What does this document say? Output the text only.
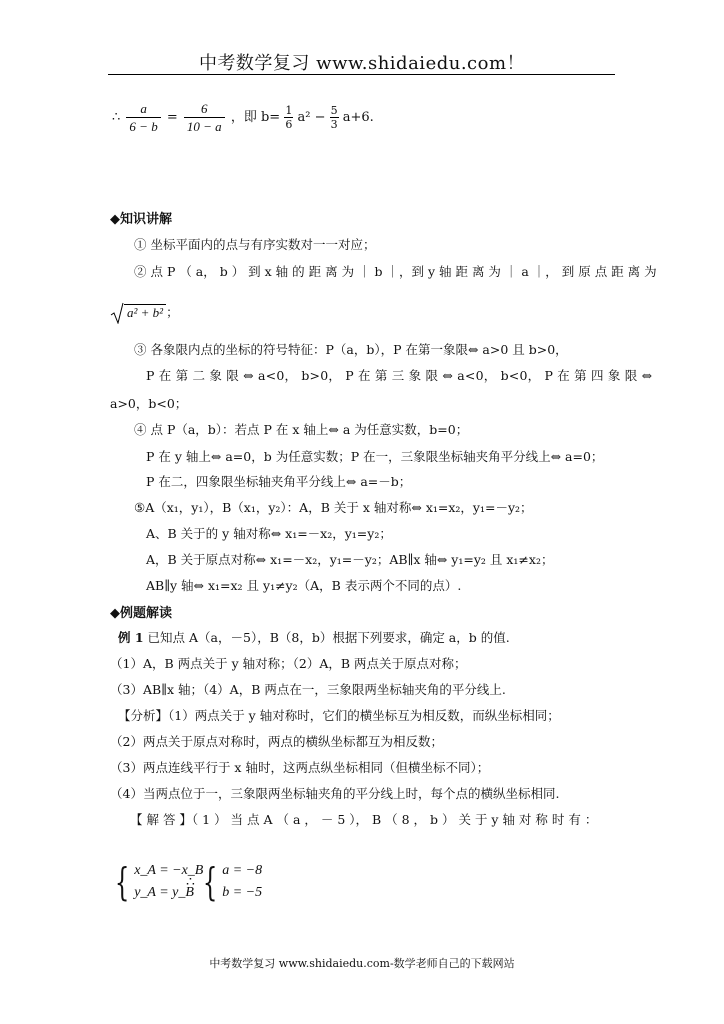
中考数学复习 www.shidaiedu.com！
∴ $\frac{a}{6 - b} = \frac{6}{10 - a}$ ，即 $b= \frac{1}{6} a^2 - \frac{5}{3} a+6$.
◆知识讲解
① 坐标平面内的点与有序实数对一一对应；
② 点 P （ a， b ） 到 x 轴 的 距 离 为 ｜ b ｜， 到 y 轴 距 离 为 ｜ a ｜， 到 原 点 距 离 为
a² + b² ；
③ 各象限内点的坐标的符号特征：P（a，b），P 在第一象限⇔ a>0 且 b>0，
P 在 第 二 象 限 ⇔ a<0， b>0， P 在 第 三 象 限 ⇔ a<0， b<0， P 在 第 四 象 限 ⇔
a>0，b<0；
④ 点 P（a，b）：若点 P 在 x 轴上⇔ a 为任意实数，b=0；
P 在 y 轴上⇔ a=0，b 为任意实数；P 在一，三象限坐标轴夹角平分线上⇔ a=0；
P 在二，四象限坐标轴夹角平分线上⇔ a=－b；
⑤A（x₁，y₁），B（x₁，y₂）：A，B 关于 x 轴对称⇔ x₁=x₂，y₁=－y₂；
A、B 关于的 y 轴对称⇔ x₁=－x₂，y₁=y₂；
A，B 关于原点对称⇔ x₁=－x₂，y₁=－y₂；AB∥x 轴⇔ y₁=y₂ 且 x₁≠x₂；
AB∥y 轴⇔ x₁=x₂ 且 y₁≠y₂（A，B 表示两个不同的点）.
◆例题解读
例 1 已知点 A（a，－5），B（8，b）根据下列要求，确定 a，b 的值.
（1）A，B 两点关于 y 轴对称；（2）A，B 两点关于原点对称；
（3）AB∥x 轴；（4）A，B 两点在一，三象限两坐标轴夹角的平分线上.
【分析】（1）两点关于 y 轴对称时，它们的横坐标互为相反数，而纵坐标相同；
（2）两点关于原点对称时，两点的横纵坐标都互为相反数；
（3）两点连线平行于 x 轴时，这两点纵坐标相同（但横坐标不同）；
（4）当两点位于一，三象限两坐标轴夹角的平分线上时，每个点的横纵坐标相同.
【 解 答 】（ 1 ） 当 点 A （ a ， － 5 ）， B （ 8 ， b ） 关 于 y 轴 对 称 时 有 ：
{ x_A = −x_B
y_A = y_B
∴ { a = −8
b = −5
中考数学复习 www.shidaiedu.com-数学老师自己的下载网站
